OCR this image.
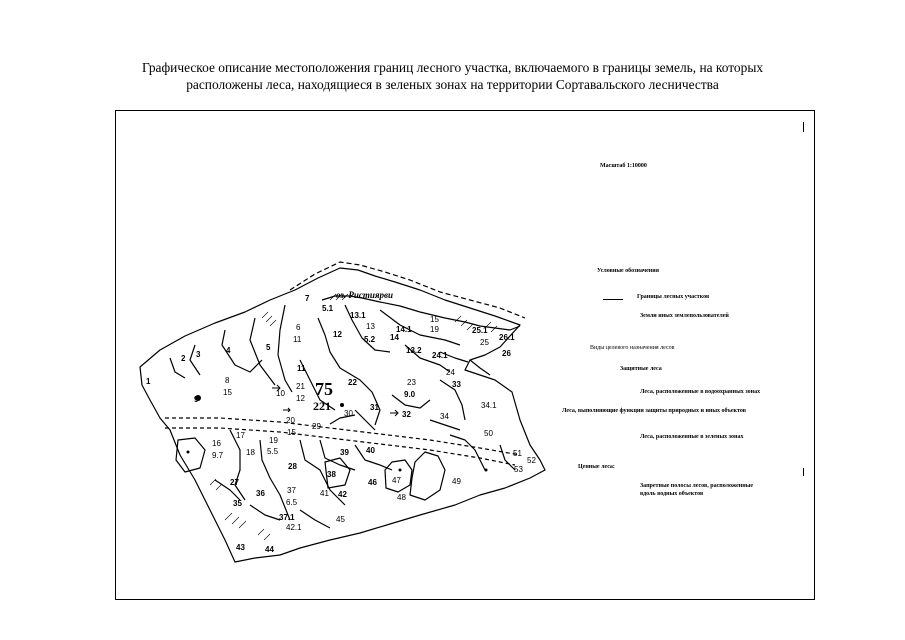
Графическое описание местоположения границ лесного участка, включаемого в границы земель, на которых
расположены леса, находящиеся в зеленых зонах на территории Сортавальского лесничества
оз. Ристиярви
1
2 3	4	5
5.1
7
6
11
11
8
15
9
10
21
12
12
13.1
13
5.2
14.1
14
15
19
13.2
24.1
25.1
26.1
25
26
24
33
22	23
9.0
31
32	34
34.1
20
15
29
30
17
16
9.7	18
19
5.5
28
38
39 40
50
51
52
53
27
36	37
6.5
35
41 42
46 47
48
49
37.1
42.1
45
43	44
75
221
Масштаб 1:10000
Условные обозначения
Границы лесных участков
Земли иных землепользователей
Виды целевого назначения лесов
Защитные леса
Леса, расположенные в водоохранных зонах
Леса, выполняющие функции защиты природных и иных объектов
Леса, расположенные в зеленых зонах
Ценные леса:
Запретные полосы лесов, расположенные
вдоль водных объектов
